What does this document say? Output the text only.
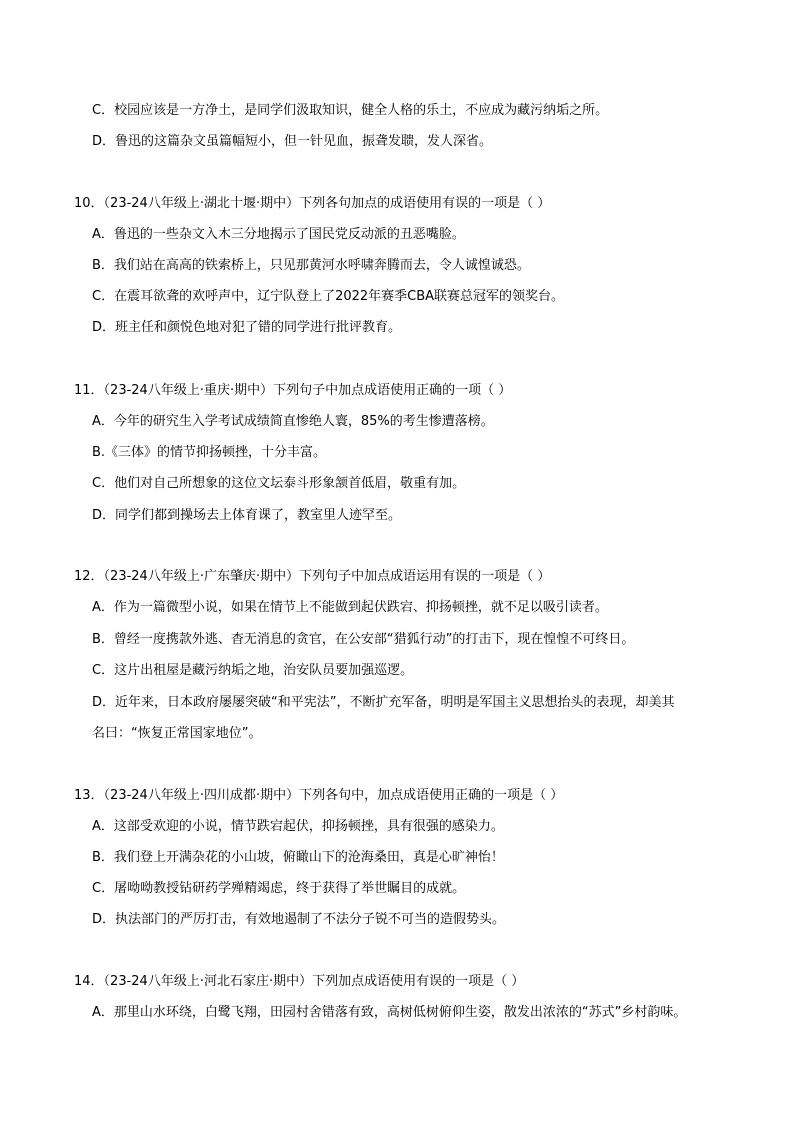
C．校园应该是一方净土，是同学们汲取知识，健全人格的乐土，不应成为藏污纳垢之所。
D．鲁迅的这篇杂文虽篇幅短小，但一针见血，振聋发聩，发人深省。
10．（23-24八年级上·湖北十堰·期中）下列各句加点的成语使用有误的一项是（ ）
A．鲁迅的一些杂文入木三分地揭示了国民党反动派的丑恶嘴脸。
B．我们站在高高的铁索桥上，只见那黄河水呼啸奔腾而去，令人诚惶诚恐。
C．在震耳欲聋的欢呼声中，辽宁队登上了2022年赛季CBA联赛总冠军的领奖台。
D．班主任和颜悦色地对犯了错的同学进行批评教育。
11．（23-24八年级上·重庆·期中）下列句子中加点成语使用正确的一项（ ）
A．今年的研究生入学考试成绩简直惨绝人寰，85%的考生惨遭落榜。
B.《三体》的情节抑扬顿挫，十分丰富。
C．他们对自己所想象的这位文坛泰斗形象颔首低眉，敬重有加。
D．同学们都到操场去上体育课了，教室里人迹罕至。
12．（23-24八年级上·广东肇庆·期中）下列句子中加点成语运用有误的一项是（ ）
A．作为一篇微型小说，如果在情节上不能做到起伏跌宕、抑扬顿挫，就不足以吸引读者。
B．曾经一度携款外逃、杳无消息的贪官，在公安部“猎狐行动”的打击下，现在惶惶不可终日。
C．这片出租屋是藏污纳垢之地，治安队员要加强巡逻。
D．近年来，日本政府屡屡突破“和平宪法”，不断扩充军备，明明是军国主义思想抬头的表现，却美其
名曰：“恢复正常国家地位”。
13．（23-24八年级上·四川成都·期中）下列各句中，加点成语使用正确的一项是（ ）
A．这部受欢迎的小说，情节跌宕起伏，抑扬顿挫，具有很强的感染力。
B．我们登上开满杂花的小山坡，俯瞰山下的沧海桑田，真是心旷神怡！
C．屠呦呦教授钻研药学殚精竭虑，终于获得了举世瞩目的成就。
D．执法部门的严厉打击，有效地遏制了不法分子锐不可当的造假势头。
14．（23-24八年级上·河北石家庄·期中）下列加点成语使用有误的一项是（ ）
A．那里山水环绕，白鹭飞翔，田园村舍错落有致，高树低树俯仰生姿，散发出浓浓的“苏式”乡村韵味。
